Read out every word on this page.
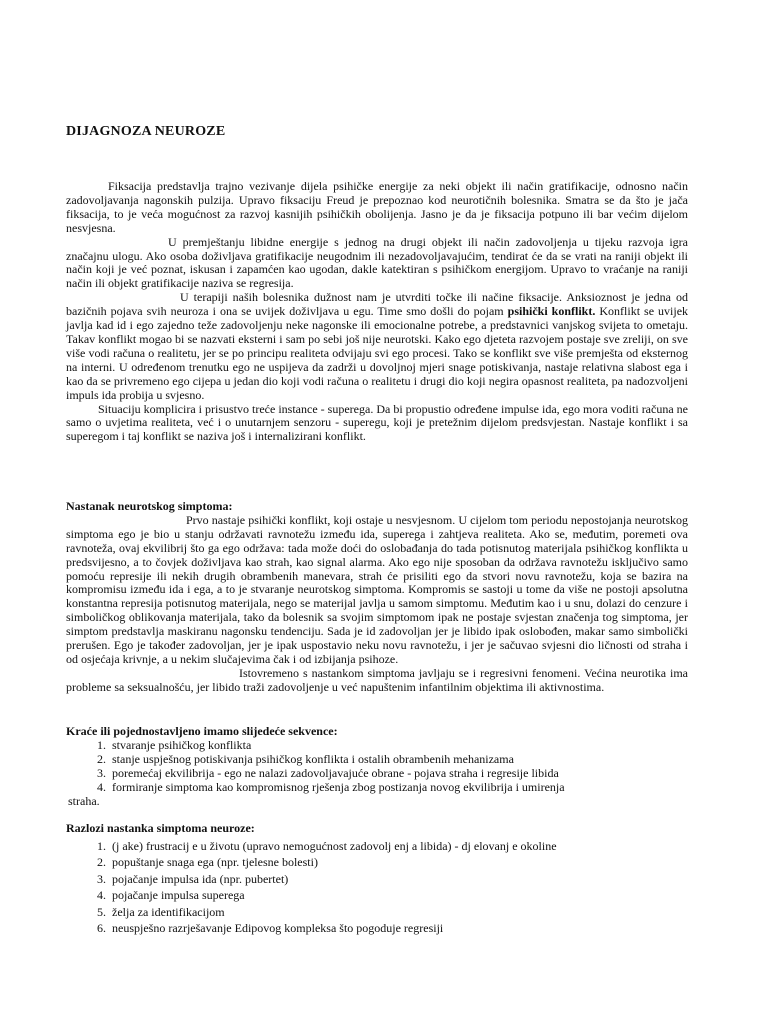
DIJAGNOZA NEUROZE

Fiksacija predstavlja trajno vezivanje dijela psihičke energije za neki objekt ili način gratifikacije, odnosno način zadovoljavanja nagonskih pulzija. Upravo fiksaciju Freud je prepoznao kod neurotičnih bolesnika. Smatra se da što je jača fiksacija, to je veća mogućnost za razvoj kasnijih psihičkih obolijenja. Jasno je da je fiksacija potpuno ili bar većim dijelom nesvjesna.

U premještanju libidne energije s jednog na drugi objekt ili način zadovoljenja u tijeku razvoja igra značajnu ulogu. Ako osoba doživljava gratifikacije neugodnim ili nezadovoljavajućim, tendirat će da se vrati na raniji objekt ili način koji je već poznat, iskusan i zapamćen kao ugodan, dakle katektiran s psihičkom energijom. Upravo to vraćanje na raniji način ili objekt gratifikacije naziva se regresija.

U terapiji naših bolesnika dužnost nam je utvrditi točke ili načine fiksacije. Anksioznost je jedna od bazičnih pojava svih neuroza i ona se uvijek doživljava u egu. Time smo došli do pojam psihički konflikt. Konflikt se uvijek javlja kad id i ego zajedno teže zadovoljenju neke nagonske ili emocionalne potrebe, a predstavnici vanjskog svijeta to ometaju. Takav konflikt mogao bi se nazvati eksterni i sam po sebi još nije neurotski. Kako ego djeteta razvojem postaje sve zreliji, on sve više vodi računa o realitetu, jer se po principu realiteta odvijaju svi ego procesi. Tako se konflikt sve više premješta od eksternog na interni. U određenom trenutku ego ne uspijeva da zadrži u dovoljnoj mjeri snage potiskivanja, nastaje relativna slabost ega i kao da se privremeno ego cijepa u jedan dio koji vodi računa o realitetu i drugi dio koji negira opasnost realiteta, pa nadozvoljeni impuls ida probija u svjesno.

Situaciju komplicira i prisustvo treće instance - superega. Da bi propustio određene impulse ida, ego mora voditi računa ne samo o uvjetima realiteta, već i o unutarnjem senzoru - superegu, koji je pretežnim dijelom predsvjestan. Nastaje konflikt i sa superegom i taj konflikt se naziva još i internalizirani konflikt.

Nastanak neurotskog simptoma:

Prvo nastaje psihički konflikt, koji ostaje u nesvjesnom. U cijelom tom periodu nepostojanja neurotskog simptoma ego je bio u stanju održavati ravnotežu između ida, superega i zahtjeva realiteta. Ako se, međutim, poremeti ova ravnoteža, ovaj ekvilibrij što ga ego održava: tada može doći do oslobađanja do tada potisnutog materijala psihičkog konflikta u predsvijesno, a to čovjek doživljava kao strah, kao signal alarma. Ako ego nije sposoban da održava ravnotežu isključivo samo pomoću represije ili nekih drugih obrambenih manevara, strah će prisiliti ego da stvori novu ravnotežu, koja se bazira na kompromisu između ida i ega, a to je stvaranje neurotskog simptoma. Kompromis se sastoji u tome da više ne postoji apsolutna konstantna represija potisnutog materijala, nego se materijal javlja u samom simptomu. Međutim kao i u snu, dolazi do cenzure i simboličkog oblikovanja materijala, tako da bolesnik sa svojim simptomom ipak ne postaje svjestan značenja tog simptoma, jer simptom predstavlja maskiranu nagonsku tendenciju. Sada je id zadovoljan jer je libido ipak oslobođen, makar samo simbolički prerušen. Ego je također zadovoljan, jer je ipak uspostavio neku novu ravnotežu, i jer je sačuvao svjesni dio ličnosti od straha i od osjećaja krivnje, a u nekim slučajevima čak i od izbijanja psihoze.

Istovremeno s nastankom simptoma javljaju se i regresivni fenomeni. Većina neurotika ima probleme sa seksualnošću, jer libido traži zadovoljenje u već napuštenim infantilnim objektima ili aktivnostima.

Kraće ili pojednostavljeno imamo slijedeće sekvence:
1. stvaranje psihičkog konflikta
2. stanje uspješnog potiskivanja psihičkog konflikta i ostalih obrambenih mehanizama
3. poremećaj ekvilibrija - ego ne nalazi zadovoljavajuće obrane - pojava straha i regresije libida
4. formiranje simptoma kao kompromisnog rješenja zbog postizanja novog ekvilibrija i umirenja
straha.
Razlozi nastanka simptoma neuroze:
1. (j ake) frustracij e u životu (upravo nemogućnost zadovolj enj a libida) - dj elovanj e okoline
2. popuštanje snaga ega (npr. tjelesne bolesti)
3. pojačanje impulsa ida (npr. pubertet)
4. pojačanje impulsa superega
5. želja za identifikacijom
6. neuspješno razrješavanje Edipovog kompleksa što pogoduje regresiji
